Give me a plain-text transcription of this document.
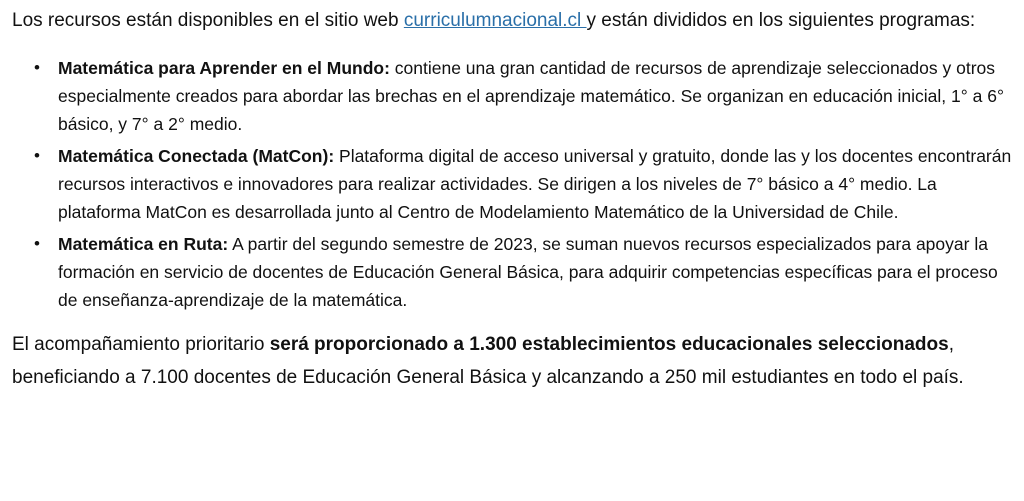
Los recursos están disponibles en el sitio web curriculumnacional.cl y están divididos en los siguientes programas:

• Matemática para Aprender en el Mundo: contiene una gran cantidad de recursos de aprendizaje seleccionados y otros especialmente creados para abordar las brechas en el aprendizaje matemático. Se organizan en educación inicial, 1° a 6° básico, y 7° a 2° medio.
• Matemática Conectada (MatCon): Plataforma digital de acceso universal y gratuito, donde las y los docentes encontrarán recursos interactivos e innovadores para realizar actividades. Se dirigen a los niveles de 7° básico a 4° medio. La plataforma MatCon es desarrollada junto al Centro de Modelamiento Matemático de la Universidad de Chile.
• Matemática en Ruta: A partir del segundo semestre de 2023, se suman nuevos recursos especializados para apoyar la formación en servicio de docentes de Educación General Básica, para adquirir competencias específicas para el proceso de enseñanza-aprendizaje de la matemática.

El acompañamiento prioritario será proporcionado a 1.300 establecimientos educacionales seleccionados, beneficiando a 7.100 docentes de Educación General Básica y alcanzando a 250 mil estudiantes en todo el país.
